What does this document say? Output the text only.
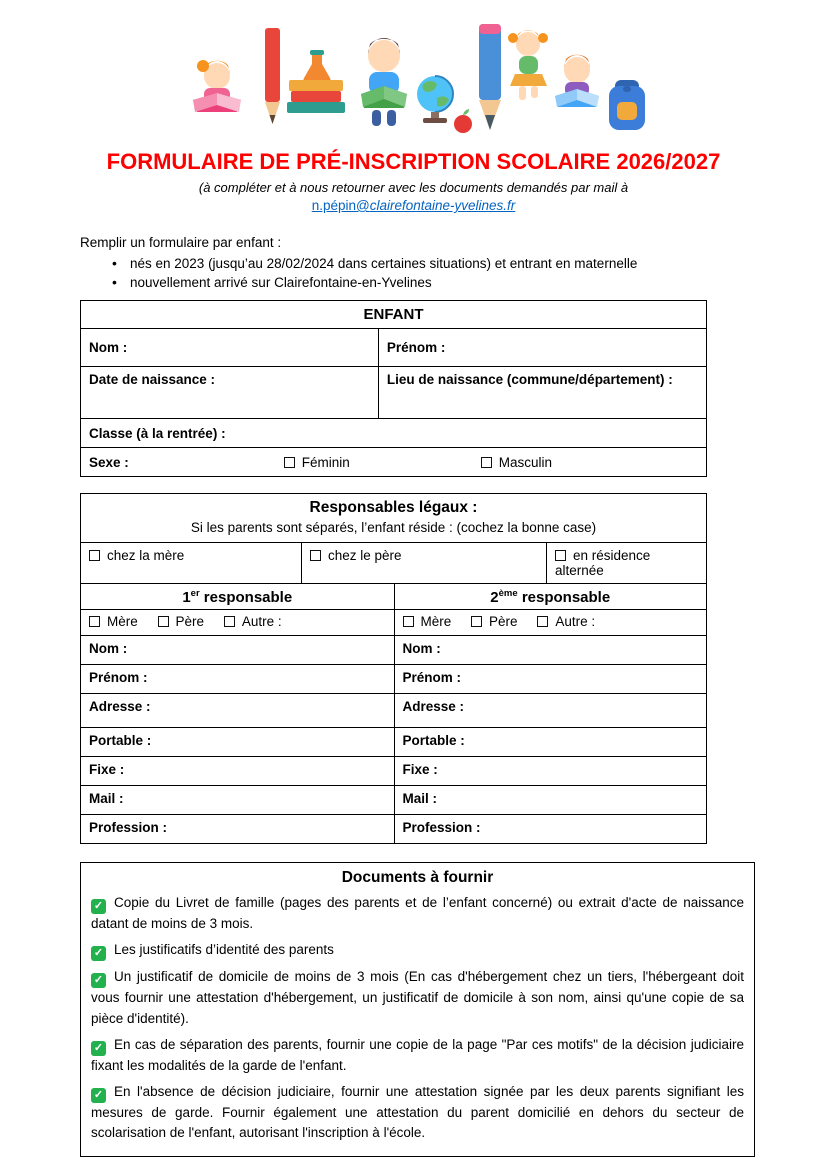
FORMULAIRE DE PRÉ-INSCRIPTION SCOLAIRE 2026/2027
(à compléter et à nous retourner avec les documents demandés par mail à
n.pépin@clairefontaine-yvelines.fr
Remplir un formulaire par enfant :
• nés en 2023 (jusqu’au 28/02/2024 dans certaines situations) et entrant en maternelle
• nouvellement arrivé sur Clairefontaine-en-Yvelines
ENFANT
Nom :	Prénom :
Date de naissance :	Lieu de naissance (commune/département) :
Classe (à la rentrée) :
Sexe :	Féminin	Masculin
Responsables légaux :
Si les parents sont séparés, l’enfant réside : (cochez la bonne case)
chez la mère	chez le père	en résidence alternée
1er responsable	2ème responsable
Mère	Père	Autre :	Mère	Père	Autre :
Nom :	Nom :
Prénom :	Prénom :
Adresse :	Adresse :
Portable :	Portable :
Fixe :	Fixe :
Mail :	Mail :
Profession :	Profession :
Documents à fournir
✓ Copie du Livret de famille (pages des parents et de l’enfant concerné) ou extrait d'acte de naissance datant de moins de 3 mois.
✓ Les justificatifs d’identité des parents
✓ Un justificatif de domicile de moins de 3 mois (En cas d'hébergement chez un tiers, l'hébergeant doit vous fournir une attestation d'hébergement, un justificatif de domicile à son nom, ainsi qu'une copie de sa pièce d'identité).
✓ En cas de séparation des parents, fournir une copie de la page "Par ces motifs" de la décision judiciaire fixant les modalités de la garde de l'enfant.
✓ En l'absence de décision judiciaire, fournir une attestation signée par les deux parents signifiant les mesures de garde. Fournir également une attestation du parent domicilié en dehors du secteur de scolarisation de l'enfant, autorisant l'inscription à l'école.
